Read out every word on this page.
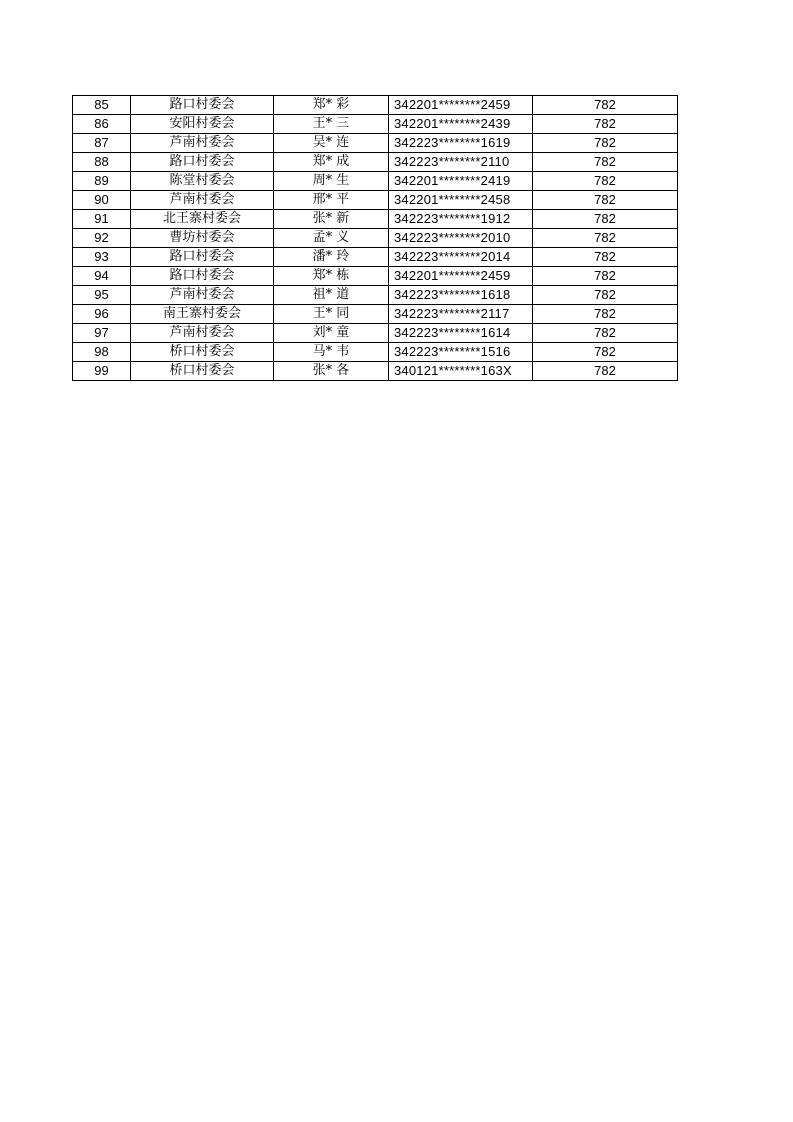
85	路口村委会	郑* 彩	342201********2459	782
86	安阳村委会	王* 三	342201********2439	782
87	芦南村委会	吴* 连	342223********1619	782
88	路口村委会	郑* 成	342223********2110	782
89	陈堂村委会	周* 生	342201********2419	782
90	芦南村委会	邢* 平	342201********2458	782
91	北王寨村委会	张* 新	342223********1912	782
92	曹坊村委会	孟* 义	342223********2010	782
93	路口村委会	潘* 玲	342223********2014	782
94	路口村委会	郑* 栋	342201********2459	782
95	芦南村委会	祖* 道	342223********1618	782
96	南王寨村委会	王* 同	342223********2117	782
97	芦南村委会	刘* 童	342223********1614	782
98	桥口村委会	马* 韦	342223********1516	782
99	桥口村委会	张* 各	340121********163X	782
